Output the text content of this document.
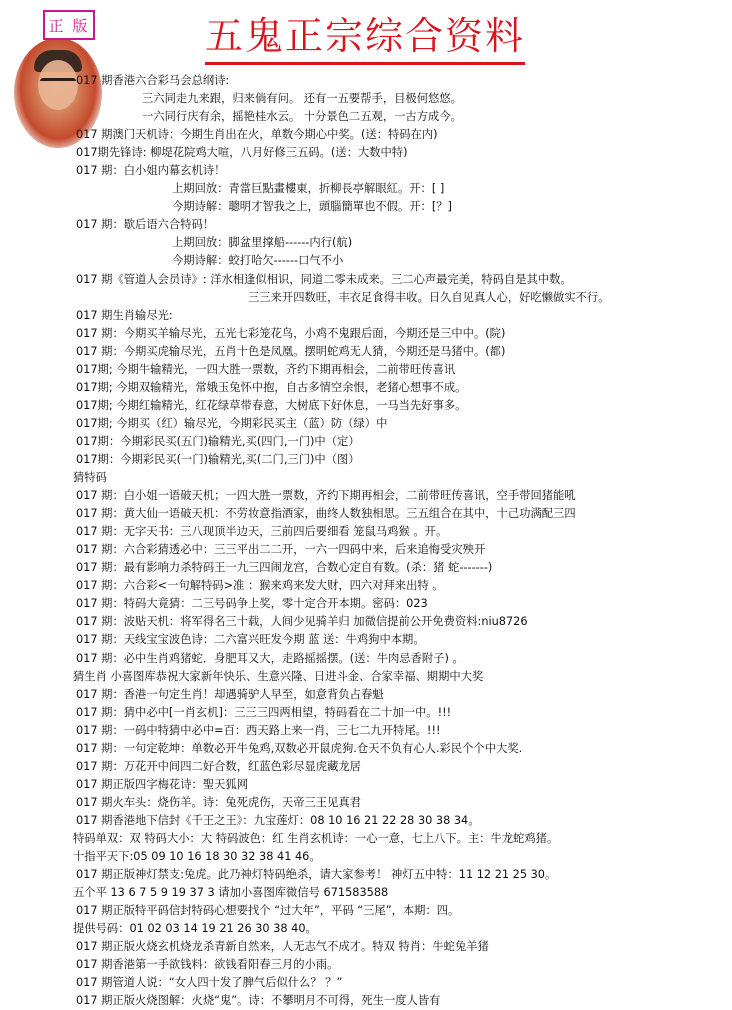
正 版	五鬼正宗综合资料
017 期香港六合彩马会总纲诗:
三六同走九来跟，归来倘有问。 还有一五要帮手，目极何悠悠。
一六同行庆有余，摇艳桂水云。 十分景色二五观，一古方成今。
017 期澳门天机诗：今期生肖出在火，单数今期心中奖。(送：特码在内)
017期先锋诗: 柳堤花院鸡大喧，八月好修三五码。(送：大数中特)
017 期：白小姐内幕玄机诗！
上期回放：青當巨點畫樓東，折柳長亭解眼紅。开：[ ]
今期诗解：聰明才智我之上，頭腦簡單也不假。开：[？]
017 期：歇后语六合特码！
上期回放：脚盆里撑船------内行(航)
今期诗解：蛟打哈欠------口气不小
017 期《管道人会员诗》: 洋水相逢似相识，同道二零未成来。三二心声最完美，特码自是其中数。
三三来开四数旺，丰衣足食得丰收。日久自见真人心，好吃懒做实不行。
017 期生肖输尽光:
017 期：今期买羊输尽光，五光七彩笼花鸟，小鸡不鬼跟后面，今期还是三中中。(院)
017 期：今期买虎输尽光，五肖十色是凤凰。摆明蛇鸡无人猜，今期还是马猪中。(都)
017期; 今期牛输精光，一四大胜一票数，齐约下期再相会，二前带旺传喜讯
017期; 今期双输精光，常娥玉兔怀中抱，自古多情空余恨，老猪心想事不成。
017期; 今期红输精光，红花绿草带春意，大树底下好休息，一马当先好事多。
017期; 今期买（红）输尽光，今期彩民买主（蓝）防（绿）中
017期：今期彩民买(五门)输精光,买(四门,一门)中（定）
017期：今期彩民买(一门)输精光,买(二门,三门)中（图）
猜特码
017 期：白小姐一语破天机；一四大胜一票数，齐约下期再相会，二前带旺传喜讯，空手带回猪能吼
017 期：黄大仙一语破天机：不劳妆意指酒家，曲终人数独相思。三五组合在其中，十己功满配三四
017 期：无字天书：三八现顶半边天，三前四后要细看 笼鼠马鸡猴 。开。
017 期：六合彩猜透必中：三三平出二二开，一六一四码中来，后来追悔受灾殃开
017 期：最有影响力杀特码王一九三四闹龙宫，合数心定自有数。(杀：猪 蛇-------)
017 期：六合彩<一句解特码>准 ：猴来鸡来发大财，四六对拜来出特 。
017 期：特码大竟猜：二三号码争上奖，零十定合开本期。密码：023
017 期：波贴天机：将军得名三十载，人间少见骑羊归 加微信提前公开免费资料:niu8726
017 期：天线宝宝波色诗：二六富兴旺发今期 蓝 送：牛鸡狗中本期。
017 期：必中生肖鸡猪蛇．身肥耳又大，走路摇摇摆。(送：牛肉忌香附子) 。
猜生肖 小喜图库恭祝大家新年快乐、生意兴隆、日进斗金、合家幸福、期期中大奖
017 期：香港一句定生肖！却遇骑驴人早至，如意背负占春魁
017 期：猜中必中[一肖玄机]：三三三四两相望，特码看在二十加一中。!!!
017 期：一码中特猜中必中=百：西天路上来一肖，三七二九开特尾。!!!
017 期：一句定乾坤：单数必开牛兔鸡,双数必开鼠虎狗.仓天不负有心人.彩民个个中大奖.
017 期：万花开中间四二好合数，红蓝色彩尽显虎藏龙居
017 期正版四字梅花诗：聖天狐网
017 期火车头：烧伤羊。诗：兔死虎伤，天帝三王见真君
017 期香港地下信封《千王之王》：九宝莲灯：08 10 16 21 22 28 30 38 34。
特码单双：双 特码大小：大 特码波色：红 生肖玄机诗：一心一意，七上八下。主：牛龙蛇鸡猪。
十指平天下:05 09 10 16 18 30 32 38 41 46。
017 期正版神灯禁支:兔虎。此乃神灯特码绝杀，请大家参考！ 神灯五中特：11 12 21 25 30。
五个平 13 6 7 5 9 19 37 3 请加小喜图库微信号 671583588
017 期正版特平码信封特码心想要找个 “过大年”，平码 “三尾”，本期：四。
提供号码：01 02 03 14 19 21 26 30 38 40。
017 期正版火烧玄机烧龙杀青新自然来，人无志气不成才。特双 特肖：牛蛇兔羊猪
017 期香港第一手欲钱料：欲钱看阳春三月的小雨。
017 期管道人说：“女人四十发了脾气后似什么？ ？”
017 期正版火烧图解：火烧“鬼”。诗：不攀明月不可得，死生一度人皆有
